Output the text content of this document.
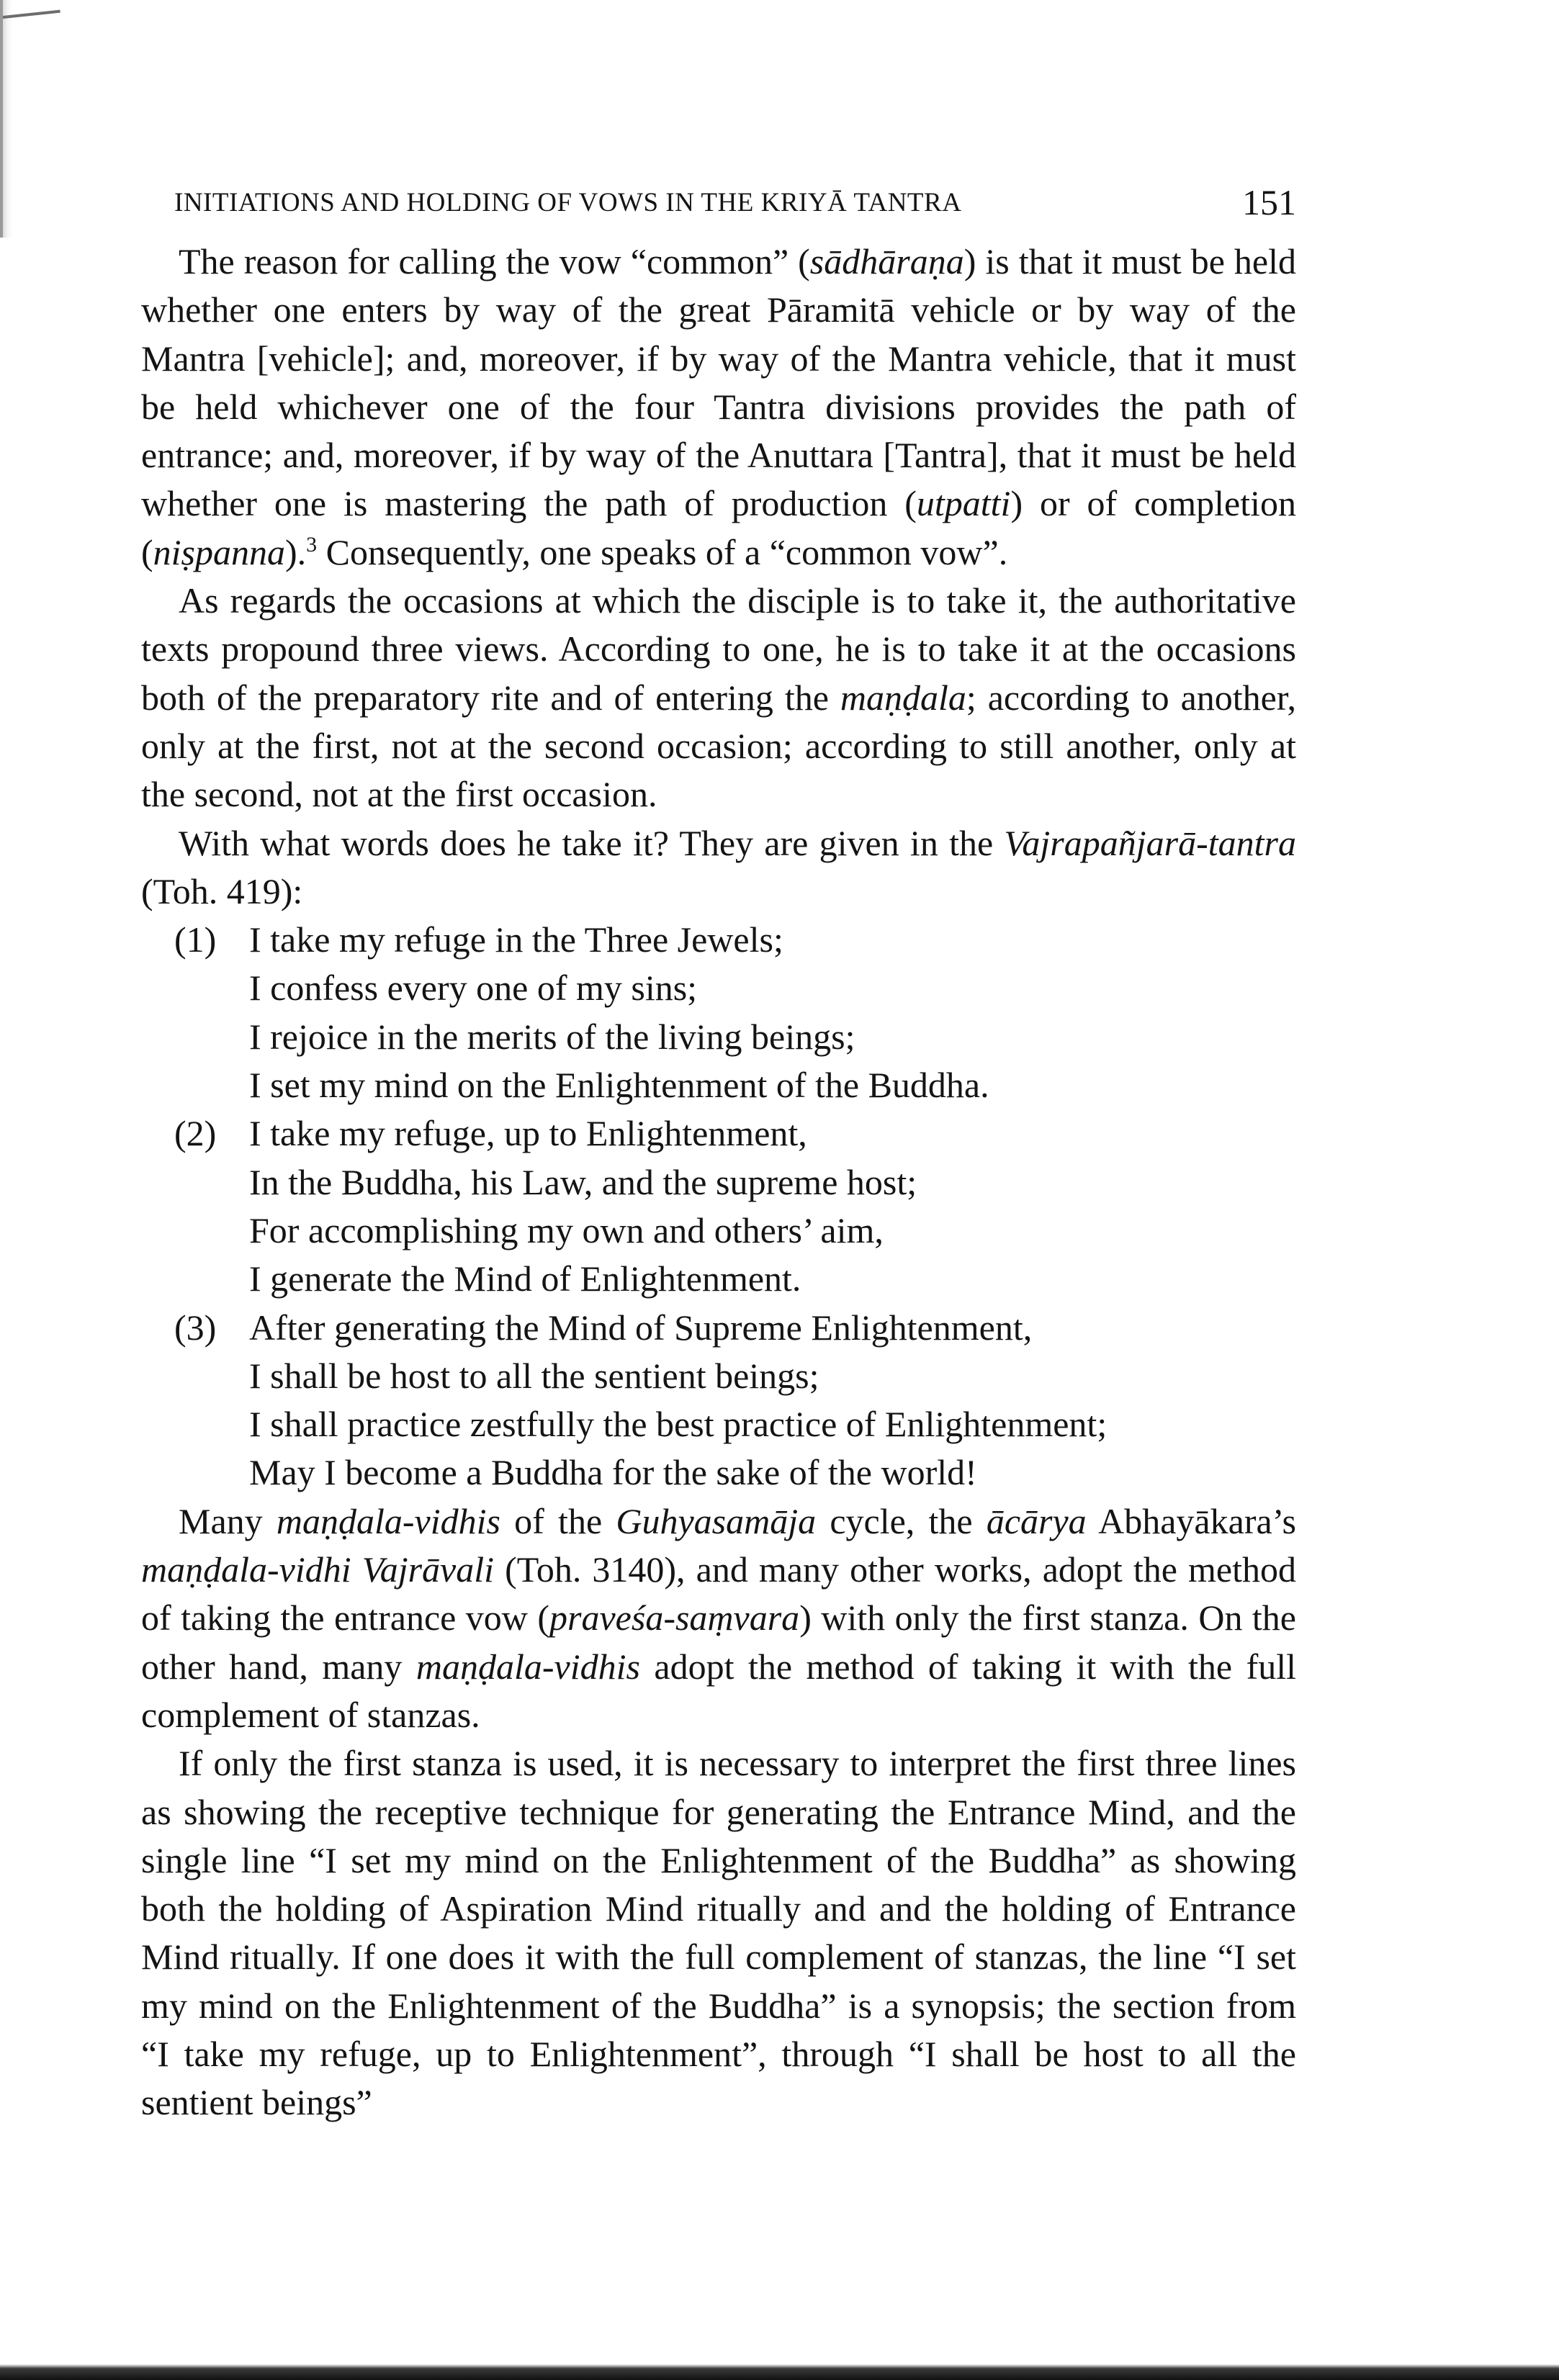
INITIATIONS AND HOLDING OF VOWS IN THE KRIYĀ TANTRA	151

The reason for calling the vow “common” (sādhāraṇa) is that it must be held whether one enters by way of the great Pāramitā vehicle or by way of the Mantra [vehicle]; and, moreover, if by way of the Mantra vehicle, that it must be held whichever one of the four Tantra divisions provides the path of entrance; and, moreover, if by way of the Anuttara [Tantra], that it must be held whether one is mastering the path of production (utpatti) or of completion (niṣpanna).$^3$ Consequently, one speaks of a “common vow”.

As regards the occasions at which the disciple is to take it, the authoritative texts propound three views. According to one, he is to take it at the occasions both of the preparatory rite and of entering the maṇḍala; according to another, only at the first, not at the second occasion; according to still another, only at the second, not at the first occasion.

With what words does he take it? They are given in the Vajrapañjarā-tantra (Toh. 419):

(1) I take my refuge in the Three Jewels;
I confess every one of my sins;
I rejoice in the merits of the living beings;
I set my mind on the Enlightenment of the Buddha.
(2) I take my refuge, up to Enlightenment,
In the Buddha, his Law, and the supreme host;
For accomplishing my own and others’ aim,
I generate the Mind of Enlightenment.
(3) After generating the Mind of Supreme Enlightenment,
I shall be host to all the sentient beings;
I shall practice zestfully the best practice of Enlightenment;
May I become a Buddha for the sake of the world!

Many maṇḍala-vidhis of the Guhyasamāja cycle, the ācārya Abhayākara’s maṇḍala-vidhi Vajrāvali (Toh. 3140), and many other works, adopt the method of taking the entrance vow (praveśa-saṃvara) with only the first stanza. On the other hand, many maṇḍala-vidhis adopt the method of taking it with the full complement of stanzas.

If only the first stanza is used, it is necessary to interpret the first three lines as showing the receptive technique for generating the Entrance Mind, and the single line “I set my mind on the Enlightenment of the Buddha” as showing both the holding of Aspiration Mind ritually and and the holding of Entrance Mind ritually. If one does it with the full complement of stanzas, the line “I set my mind on the Enlightenment of the Buddha” is a synopsis; the section from “I take my refuge, up to Enlightenment”, through “I shall be host to all the sentient beings”
